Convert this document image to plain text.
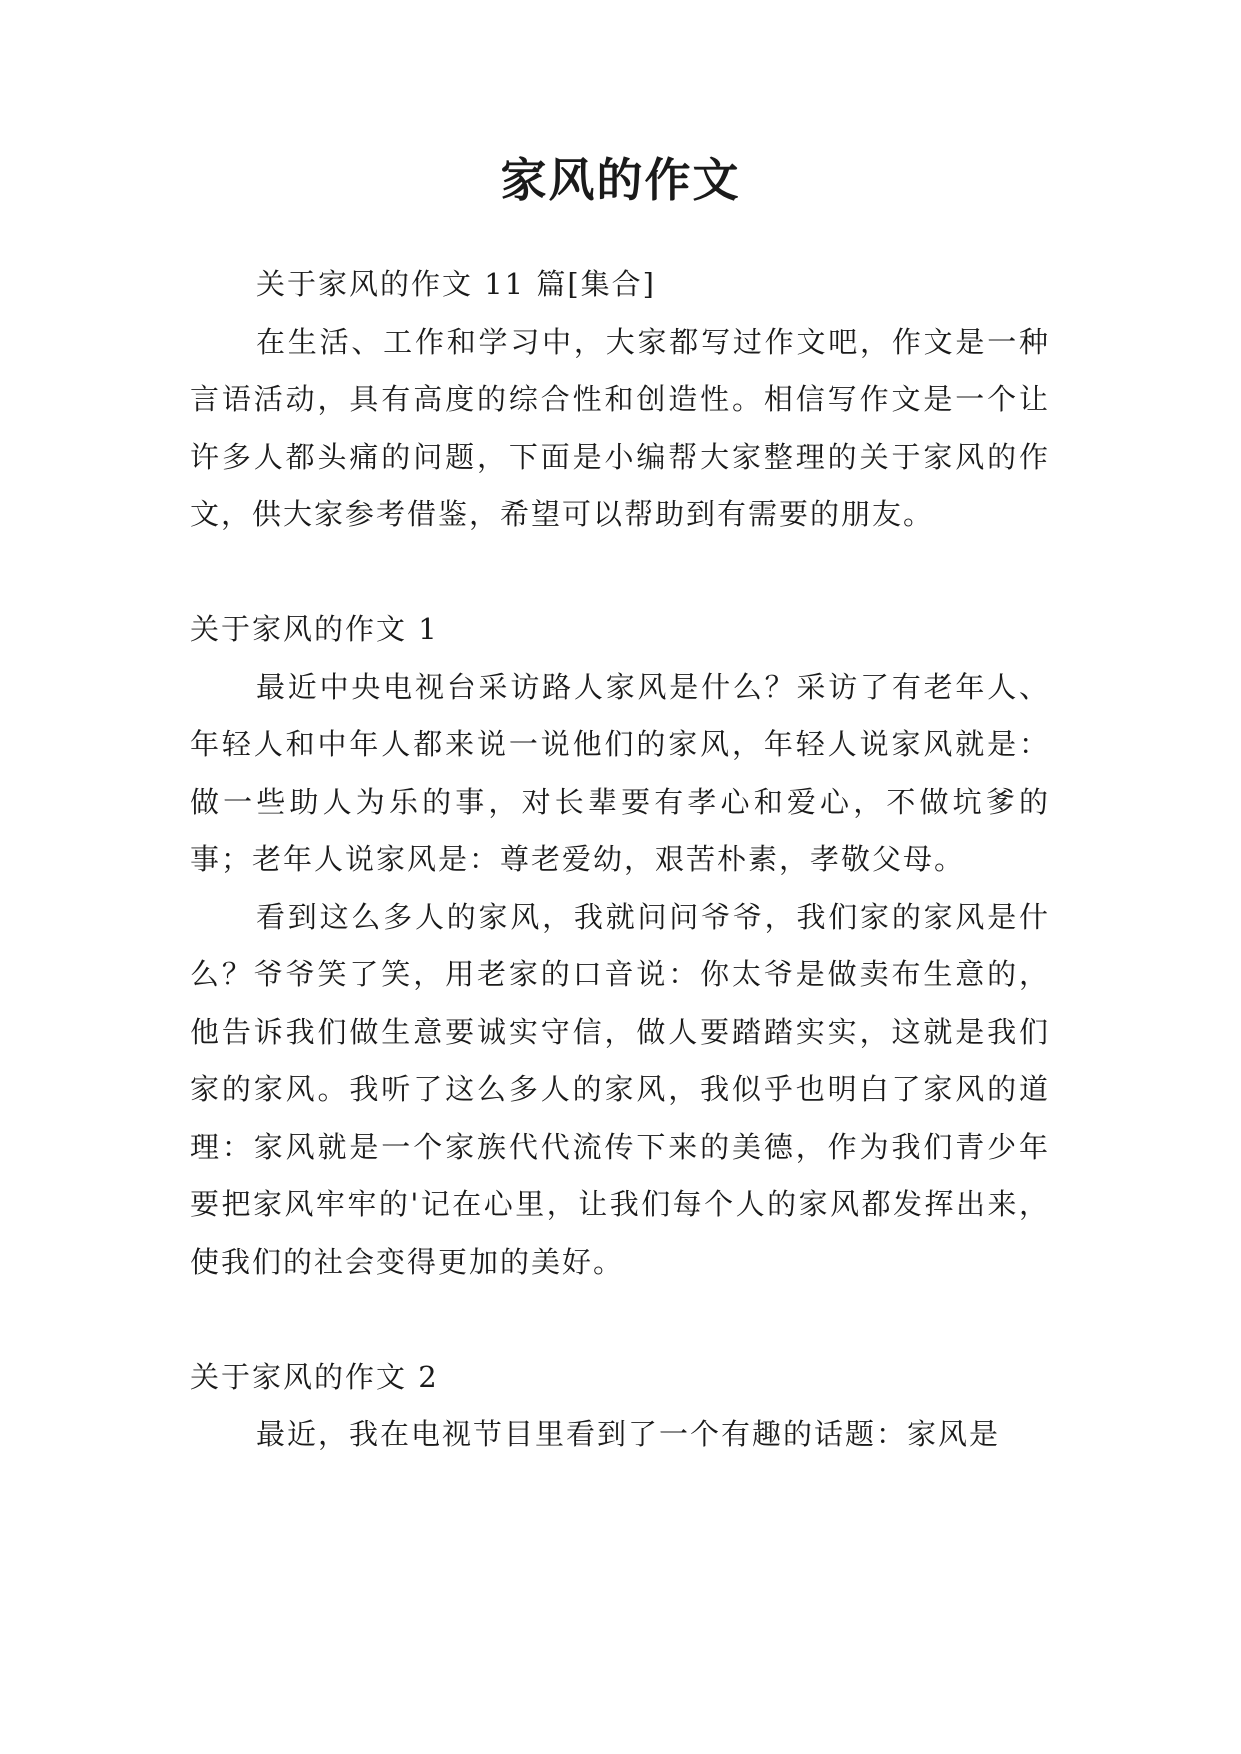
家风的作文

关于家风的作文 11 篇[集合]

在生活、工作和学习中，大家都写过作文吧，作文是一种言语活动，具有高度的综合性和创造性。相信写作文是一个让许多人都头痛的问题，下面是小编帮大家整理的关于家风的作文，供大家参考借鉴，希望可以帮助到有需要的朋友。

关于家风的作文 1

最近中央电视台采访路人家风是什么？采访了有老年人、年轻人和中年人都来说一说他们的家风，年轻人说家风就是：做一些助人为乐的事，对长辈要有孝心和爱心，不做坑爹的事；老年人说家风是：尊老爱幼，艰苦朴素，孝敬父母。

看到这么多人的家风，我就问问爷爷，我们家的家风是什么？爷爷笑了笑，用老家的口音说：你太爷是做卖布生意的，他告诉我们做生意要诚实守信，做人要踏踏实实，这就是我们家的家风。我听了这么多人的家风，我似乎也明白了家风的道理：家风就是一个家族代代流传下来的美德，作为我们青少年要把家风牢牢的'记在心里，让我们每个人的家风都发挥出来，使我们的社会变得更加的美好。

关于家风的作文 2

最近，我在电视节目里看到了一个有趣的话题：家风是
